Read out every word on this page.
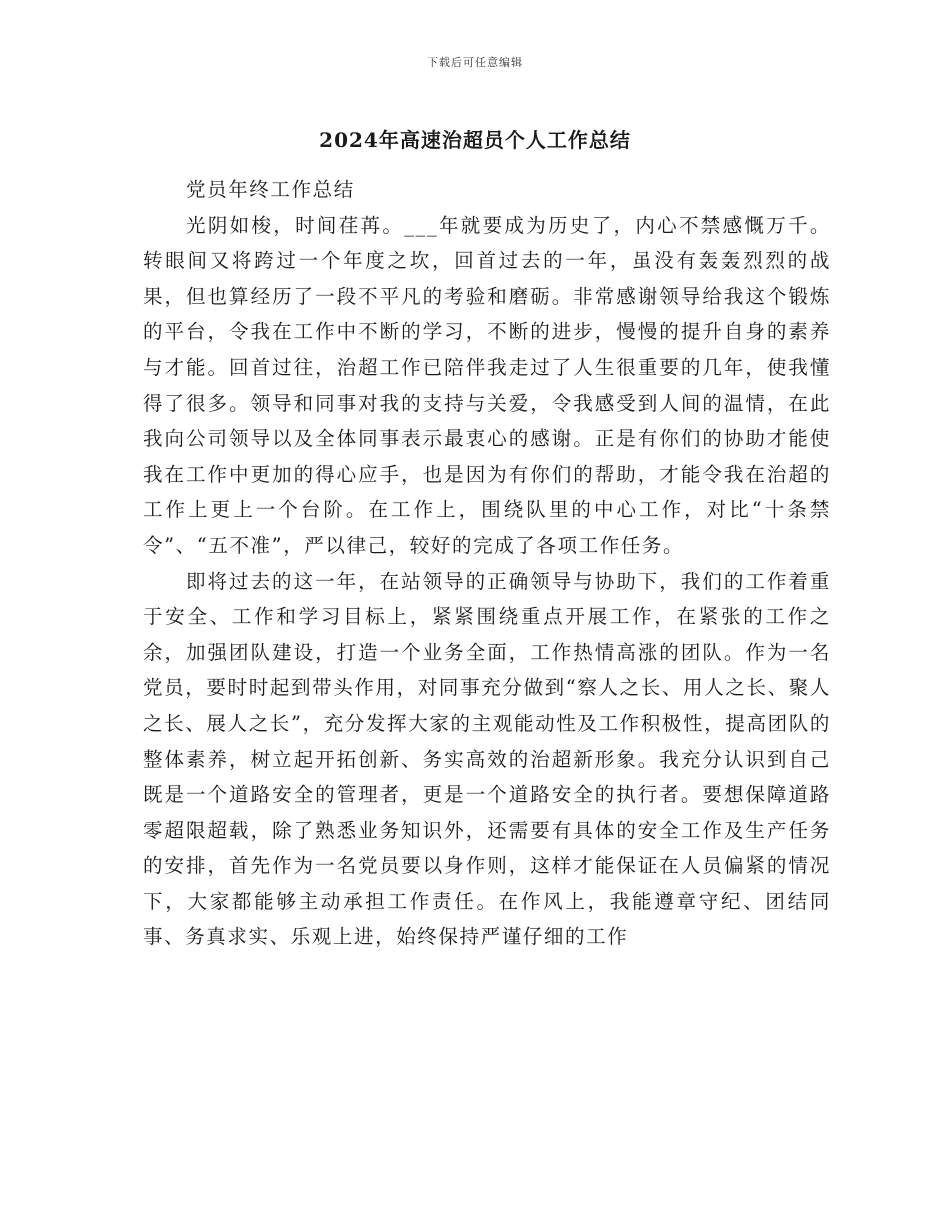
下载后可任意编辑
2024年高速治超员个人工作总结

党员年终工作总结

光阴如梭，时间荏苒。___年就要成为历史了，内心不禁感慨万千。转眼间又将跨过一个年度之坎，回首过去的一年，虽没有轰轰烈烈的战果，但也算经历了一段不平凡的考验和磨砺。非常感谢领导给我这个锻炼的平台，令我在工作中不断的学习，不断的进步，慢慢的提升自身的素养与才能。回首过往，治超工作已陪伴我走过了人生很重要的几年，使我懂得了很多。领导和同事对我的支持与关爱，令我感受到人间的温情，在此我向公司领导以及全体同事表示最衷心的感谢。正是有你们的协助才能使我在工作中更加的得心应手，也是因为有你们的帮助，才能令我在治超的工作上更上一个台阶。在工作上，围绕队里的中心工作，对比“十条禁令”、“五不准”，严以律己，较好的完成了各项工作任务。

即将过去的这一年，在站领导的正确领导与协助下，我们的工作着重于安全、工作和学习目标上，紧紧围绕重点开展工作，在紧张的工作之余，加强团队建设，打造一个业务全面，工作热情高涨的团队。作为一名党员，要时时起到带头作用，对同事充分做到“察人之长、用人之长、聚人之长、展人之长”，充分发挥大家的主观能动性及工作积极性，提高团队的整体素养，树立起开拓创新、务实高效的治超新形象。我充分认识到自己既是一个道路安全的管理者，更是一个道路安全的执行者。要想保障道路零超限超载，除了熟悉业务知识外，还需要有具体的安全工作及生产任务的安排，首先作为一名党员要以身作则，这样才能保证在人员偏紧的情况下，大家都能够主动承担工作责任。在作风上，我能遵章守纪、团结同事、务真求实、乐观上进，始终保持严谨仔细的工作
